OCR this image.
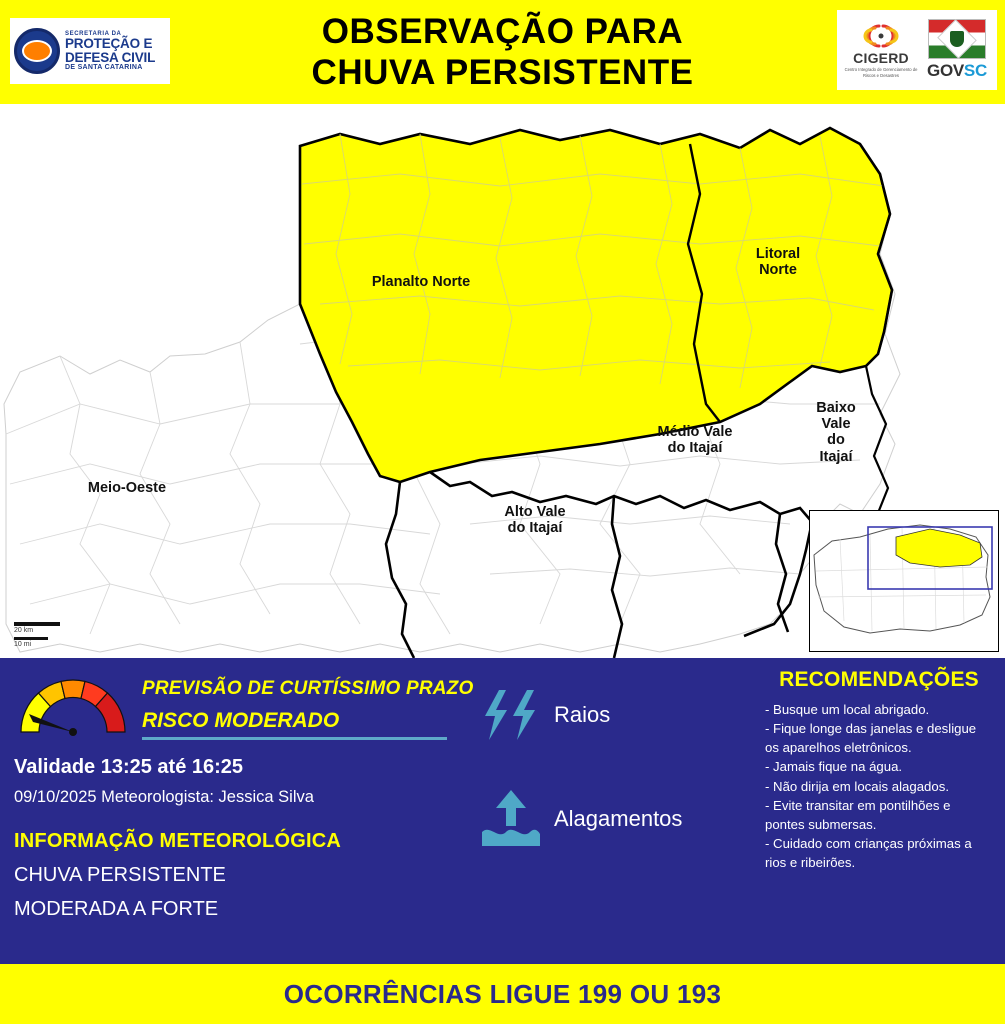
SECRETARIA DA
PROTEÇÃO E
DEFESA CIVIL
DE SANTA CATARINA
OBSERVAÇÃO PARA
CHUVA PERSISTENTE	CIGERD
Centro Integrado de Gerenciamento de Riscos e Desastres	GOVSC
Planalto Norte
Litoral
Norte
Médio Vale
do Itajaí
Baixo
Vale
do
Itajaí
Alto Vale
do Itajaí
Meio-Oeste
20 km
10 mi
PREVISÃO DE CURTÍSSIMO PRAZO
RISCO MODERADO
Validade 13:25 até 16:25
09/10/2025 Meteorologista: Jessica Silva
INFORMAÇÃO METEOROLÓGICA
CHUVA PERSISTENTE
MODERADA A FORTE
Raios
Alagamentos
RECOMENDAÇÕES
- Busque um local abrigado.
- Fique longe das janelas e desligue os aparelhos eletrônicos.
- Jamais fique na água.
- Não dirija em locais alagados.
- Evite transitar em pontilhões e pontes submersas.
- Cuidado com crianças próximas a rios e ribeirões.
OCORRÊNCIAS LIGUE 199 OU 193
